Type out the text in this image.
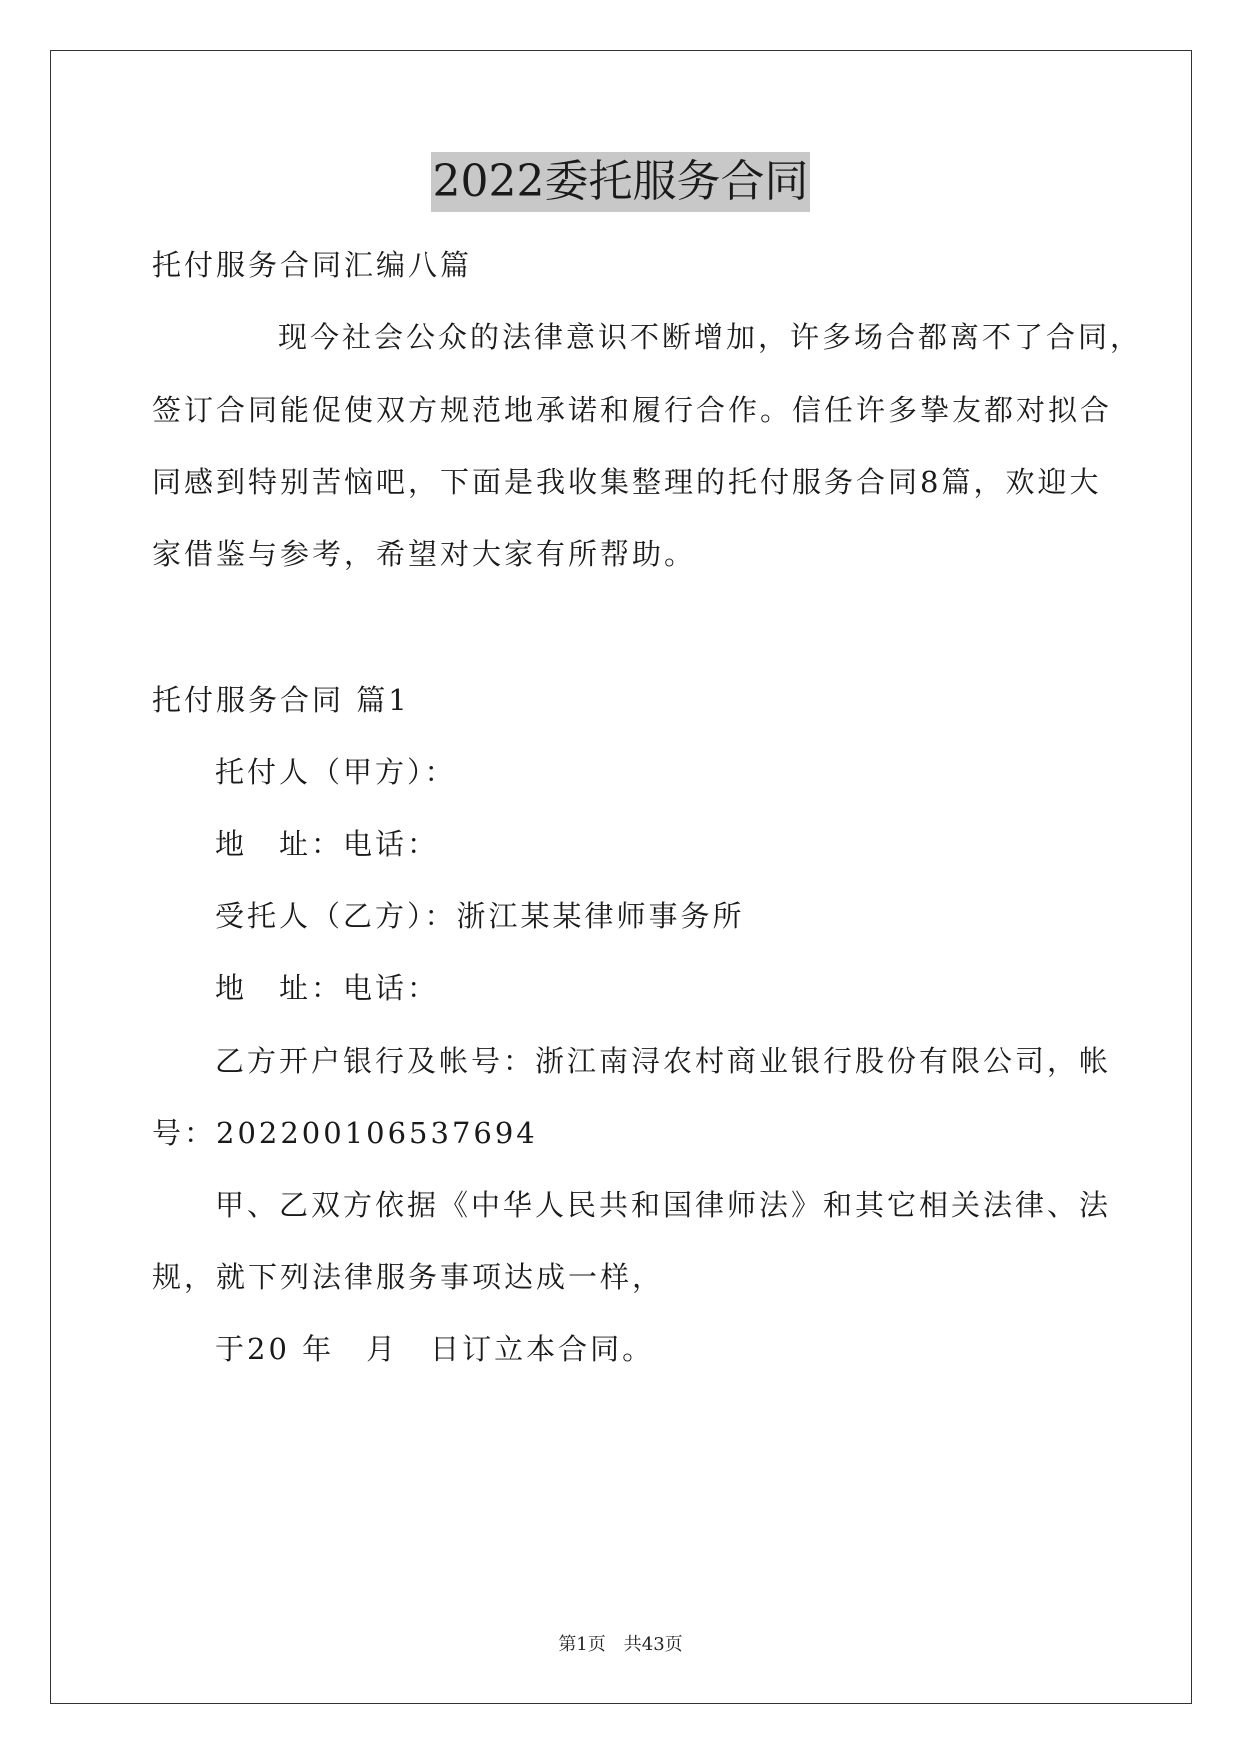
2022委托服务合同
托付服务合同汇编八篇
现今社会公众的法律意识不断增加，许多场合都离不了合同，
签订合同能促使双方规范地承诺和履行合作。信任许多挚友都对拟合
同感到特别苦恼吧，下面是我收集整理的托付服务合同8篇，欢迎大
家借鉴与参考，希望对大家有所帮助。
托付服务合同 篇1
托付人（甲方）：
地　址：电话：
受托人（乙方）：浙江某某律师事务所
地　址：电话：
乙方开户银行及帐号：浙江南浔农村商业银行股份有限公司，帐
号：202200106537694
甲、乙双方依据《中华人民共和国律师法》和其它相关法律、法
规，就下列法律服务事项达成一样，
于20 年　月　日订立本合同。
第1页　共43页
